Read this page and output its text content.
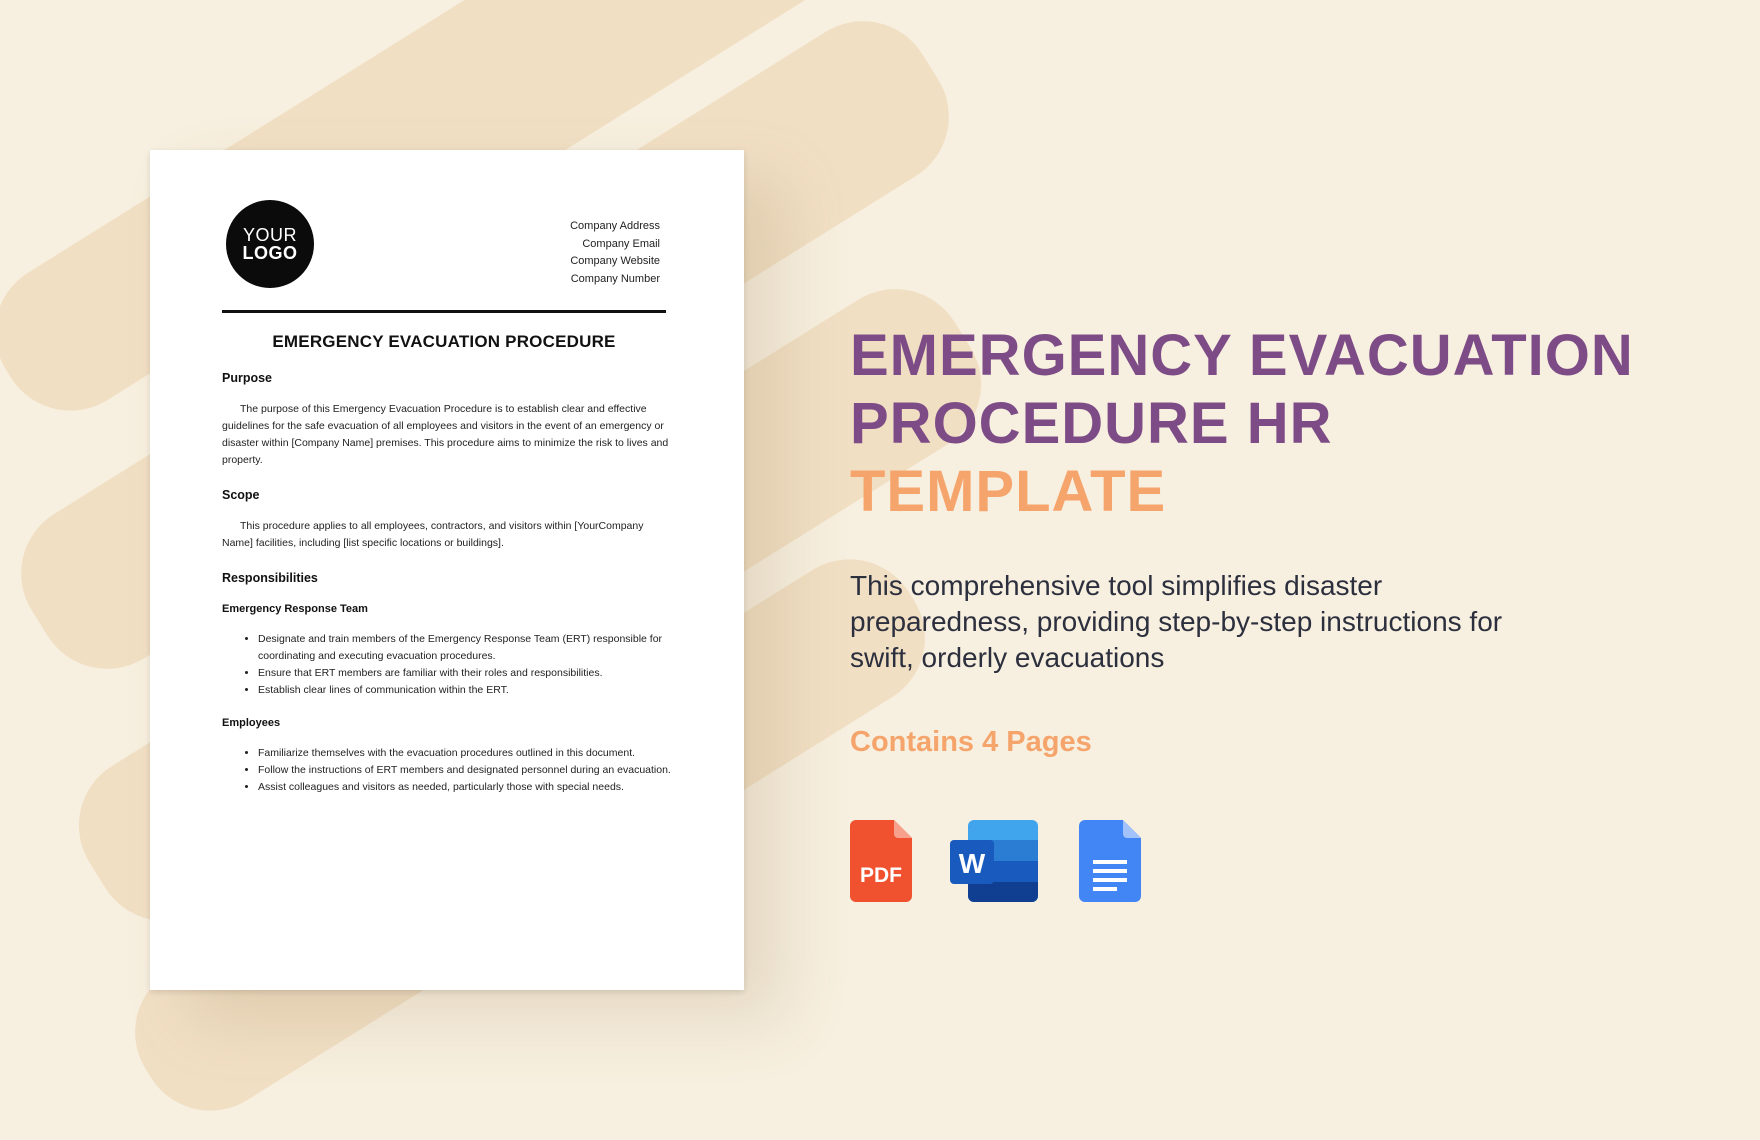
YOUR
LOGO
Company Address
Company Email
Company Website
Company Number
EMERGENCY EVACUATION PROCEDURE
Purpose
The purpose of this Emergency Evacuation Procedure is to establish clear and effective guidelines for the safe evacuation of all employees and visitors in the event of an emergency or disaster within [Company Name] premises. This procedure aims to minimize the risk to lives and property.
Scope
This procedure applies to all employees, contractors, and visitors within [YourCompany Name] facilities, including [list specific locations or buildings].
Responsibilities
Emergency Response Team
• Designate and train members of the Emergency Response Team (ERT) responsible for coordinating and executing evacuation procedures.
• Ensure that ERT members are familiar with their roles and responsibilities.
• Establish clear lines of communication within the ERT.
Employees
• Familiarize themselves with the evacuation procedures outlined in this document.
• Follow the instructions of ERT members and designated personnel during an evacuation.
• Assist colleagues and visitors as needed, particularly those with special needs.
EMERGENCY EVACUATION
PROCEDURE HR
TEMPLATE
This comprehensive tool simplifies disaster preparedness, providing step-by-step instructions for swift, orderly evacuations
Contains 4 Pages
PDF W
